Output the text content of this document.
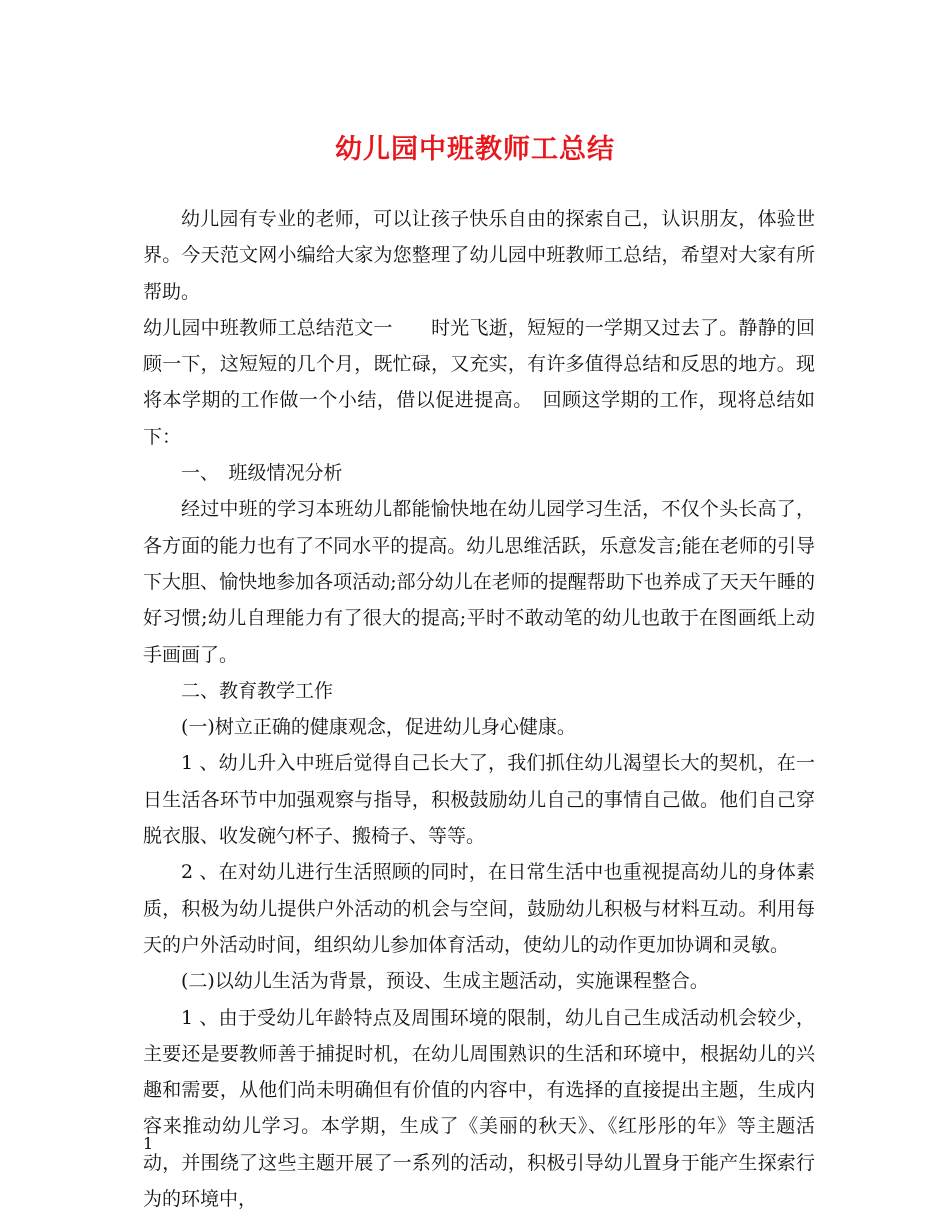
幼儿园中班教师工总结

幼儿园有专业的老师，可以让孩子快乐自由的探索自己，认识朋友，体验世界。今天范文网小编给大家为您整理了幼儿园中班教师工总结，希望对大家有所帮助。

幼儿园中班教师工总结范文一　　时光飞逝，短短的一学期又过去了。静静的回顾一下，这短短的几个月，既忙碌，又充实，有许多值得总结和反思的地方。现将本学期的工作做一个小结，借以促进提高。　回顾这学期的工作，现将总结如下：

一、　班级情况分析

经过中班的学习本班幼儿都能愉快地在幼儿园学习生活，不仅个头长高了，各方面的能力也有了不同水平的提高。幼儿思维活跃，乐意发言;能在老师的引导下大胆、愉快地参加各项活动;部分幼儿在老师的提醒帮助下也养成了天天午睡的好习惯;幼儿自理能力有了很大的提高;平时不敢动笔的幼儿也敢于在图画纸上动手画画了。

二、教育教学工作

(一)树立正确的健康观念，促进幼儿身心健康。

1 、幼儿升入中班后觉得自己长大了，我们抓住幼儿渴望长大的契机，在一日生活各环节中加强观察与指导，积极鼓励幼儿自己的事情自己做。他们自己穿脱衣服、收发碗勺杯子、搬椅子、等等。

2 、在对幼儿进行生活照顾的同时，在日常生活中也重视提高幼儿的身体素质，积极为幼儿提供户外活动的机会与空间，鼓励幼儿积极与材料互动。利用每天的户外活动时间，组织幼儿参加体育活动，使幼儿的动作更加协调和灵敏。

(二)以幼儿生活为背景，预设、生成主题活动，实施课程整合。

1 、由于受幼儿年龄特点及周围环境的限制，幼儿自己生成活动机会较少，主要还是要教师善于捕捉时机，在幼儿周围熟识的生活和环境中，根据幼儿的兴趣和需要，从他们尚未明确但有价值的内容中，有选择的直接提出主题，生成内容来推动幼儿学习。本学期，生成了《美丽的秋天》、《红彤彤的年》等主题活动，并围绕了这些主题开展了一系列的活动，积极引导幼儿置身于能产生探索行为的环境中，

1
